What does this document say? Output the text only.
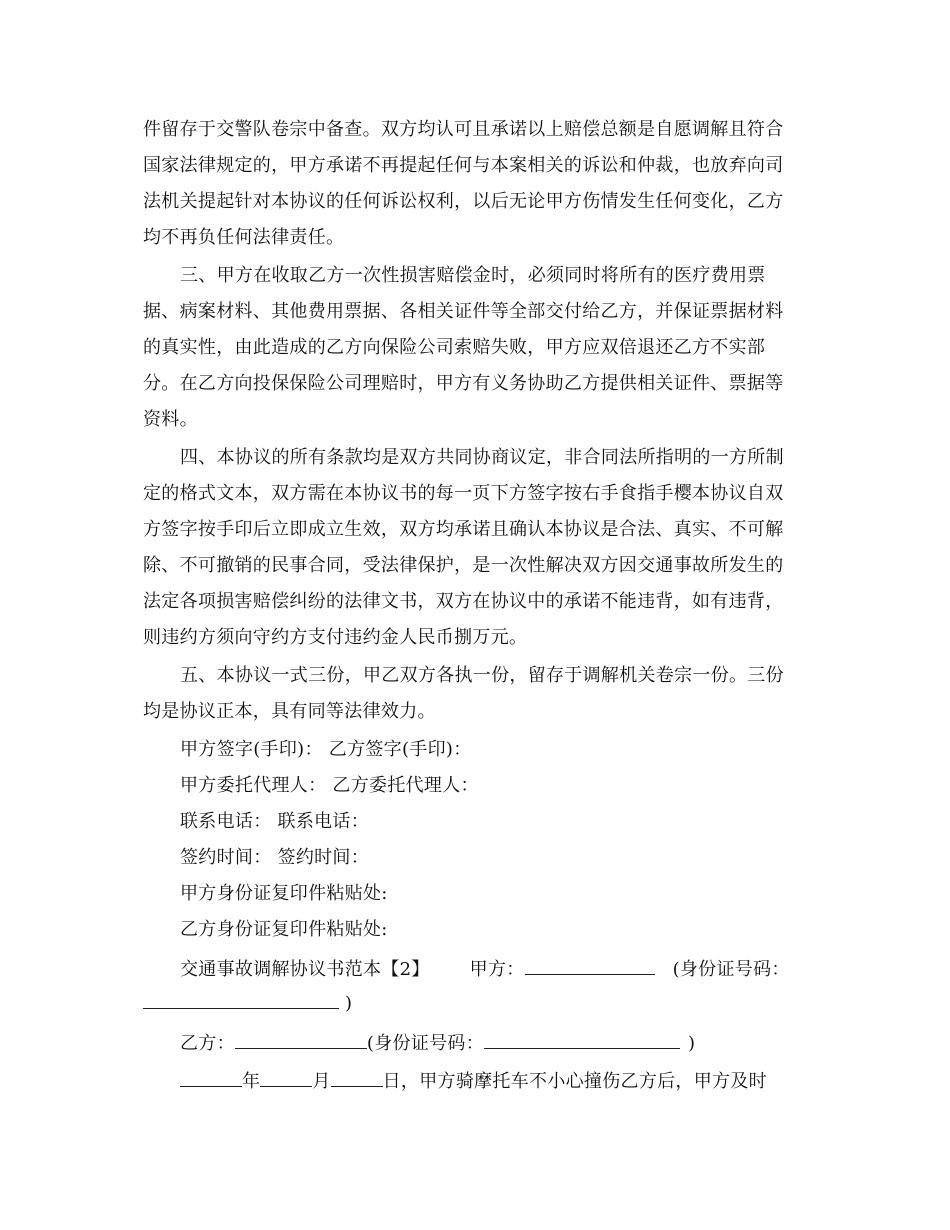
件留存于交警队卷宗中备查。双方均认可且承诺以上赔偿总额是自愿调解且符合
国家法律规定的，甲方承诺不再提起任何与本案相关的诉讼和仲裁，也放弃向司
法机关提起针对本协议的任何诉讼权利，以后无论甲方伤情发生任何变化，乙方
均不再负任何法律责任。
三、甲方在收取乙方一次性损害赔偿金时，必须同时将所有的医疗费用票
据、病案材料、其他费用票据、各相关证件等全部交付给乙方，并保证票据材料
的真实性，由此造成的乙方向保险公司索赔失败，甲方应双倍退还乙方不实部
分。在乙方向投保保险公司理赔时，甲方有义务协助乙方提供相关证件、票据等
资料。
四、本协议的所有条款均是双方共同协商议定，非合同法所指明的一方所制
定的格式文本，双方需在本协议书的每一页下方签字按右手食指手樱本协议自双
方签字按手印后立即成立生效，双方均承诺且确认本协议是合法、真实、不可解
除、不可撤销的民事合同，受法律保护，是一次性解决双方因交通事故所发生的
法定各项损害赔偿纠纷的法律文书，双方在协议中的承诺不能违背，如有违背，
则违约方须向守约方支付违约金人民币捌万元。
五、本协议一式三份，甲乙双方各执一份，留存于调解机关卷宗一份。三份
均是协议正本，具有同等法律效力。
甲方签字(手印)： 乙方签字(手印)：
甲方委托代理人： 乙方委托代理人：
联系电话： 联系电话：
签约时间： 签约时间：
甲方身份证复印件粘贴处:
乙方身份证复印件粘贴处:
交通事故调解协议书范本【2】 甲方：	(身份证号码：
)
乙方：	(身份证号码：	)
年	月	日，甲方骑摩托车不小心撞伤乙方后，甲方及时
